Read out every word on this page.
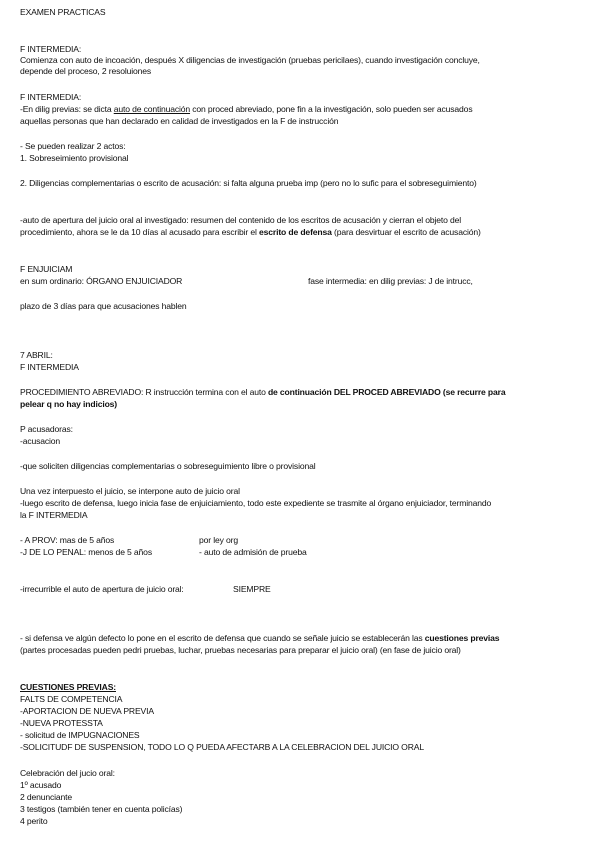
EXAMEN PRACTICAS
F INTERMEDIA:
Comienza con auto de incoación, después X diligencias de investigación (pruebas pericilaes), cuando investigación concluye,
depende del proceso, 2 resoluiones
F INTERMEDIA:
-En dilig previas: se dicta auto de continuación con proced abreviado, pone fin a la investigación, solo pueden ser acusados
aquellas personas que han declarado en calidad de investigados en la F de instrucción
- Se pueden realizar 2 actos:
1. Sobreseimiento provisional
2. Diligencias complementarias o escrito de acusación: si falta alguna prueba imp (pero no lo sufic para el sobreseguimiento)
-auto de apertura del juicio oral al investigado: resumen del contenido de los escritos de acusación y cierran el objeto del
procedimiento, ahora se le da 10 días al acusado para escribir el escrito de defensa (para desvirtuar el escrito de acusación)
F ENJUICIAM
en sum ordinario: ÓRGANO ENJUICIADOR	fase intermedia: en dilig previas: J de intrucc,
plazo de 3 días para que acusaciones hablen
7 ABRIL:
F INTERMEDIA
PROCEDIMIENTO ABREVIADO: R instrucción termina con el auto de continuación DEL PROCED ABREVIADO (se recurre para
pelear q no hay indicios)
P acusadoras:
-acusacion
-que soliciten diligencias complementarias o sobreseguimiento libre o provisional
Una vez interpuesto el juicio, se interpone auto de juicio oral
-luego escrito de defensa, luego inicia fase de enjuiciamiento, todo este expediente se trasmite al órgano enjuiciador, terminando
la F INTERMEDIA
- A PROV: mas de 5 años	por ley org
-J DE LO PENAL: menos de 5 años	- auto de admisión de prueba
-irrecurrible el auto de apertura de juicio oral:	SIEMPRE
- si defensa ve algún defecto lo pone en el escrito de defensa que cuando se señale juicio se establecerán las cuestiones previas
(partes procesadas pueden pedri pruebas, luchar, pruebas necesarias para preparar el juicio oral) (en fase de juicio oral)
CUESTIONES PREVIAS:
FALTS DE COMPETENCIA
-APORTACION DE NUEVA PREVIA
-NUEVA PROTESSTA
- solicitud de IMPUGNACIONES
-SOLICITUDF DE SUSPENSION, TODO LO Q PUEDA AFECTARB A LA CELEBRACION DEL JUICIO ORAL
Celebración del jucio oral:
1º acusado
2 denunciante
3 testigos (también tener en cuenta policías)
4 perito
